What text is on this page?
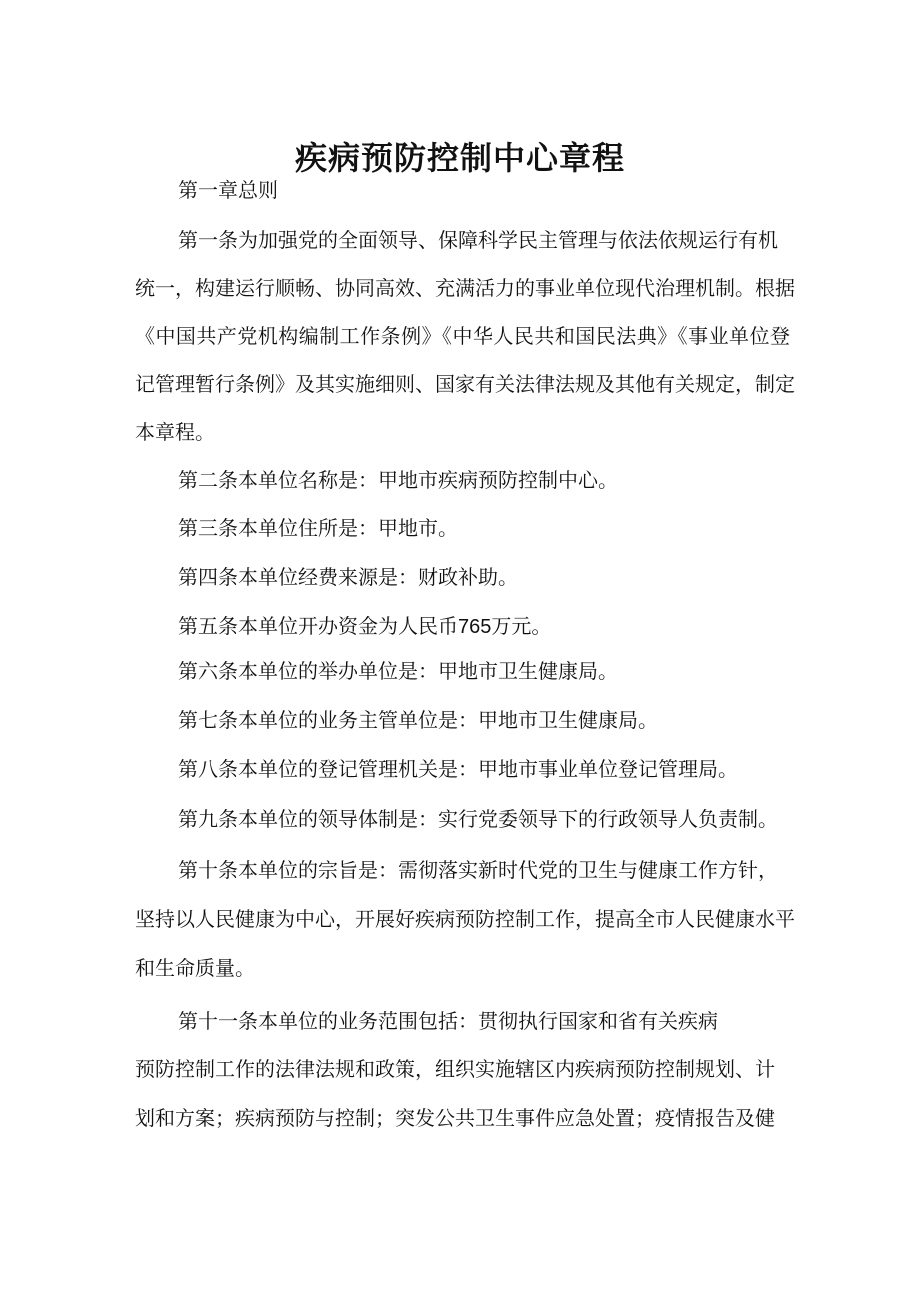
疾病预防控制中心章程

第一章总则

第一条为加强党的全面领导、保障科学民主管理与依法依规运行有机

统一，构建运行顺畅、协同高效、充满活力的事业单位现代治理机制。根据

《中国共产党机构编制工作条例》《中华人民共和国民法典》《事业单位登

记管理暂行条例》及其实施细则、国家有关法律法规及其他有关规定，制定

本章程。

第二条本单位名称是：甲地市疾病预防控制中心。

第三条本单位住所是：甲地市。

第四条本单位经费来源是：财政补助。

第五条本单位开办资金为人民币765万元。

第六条本单位的举办单位是：甲地市卫生健康局。

第七条本单位的业务主管单位是：甲地市卫生健康局。

第八条本单位的登记管理机关是：甲地市事业单位登记管理局。

第九条本单位的领导体制是：实行党委领导下的行政领导人负责制。

第十条本单位的宗旨是：需彻落实新时代党的卫生与健康工作方针，

坚持以人民健康为中心，开展好疾病预防控制工作，提高全市人民健康水平

和生命质量。

第十一条本单位的业务范围包括：贯彻执行国家和省有关疾病

预防控制工作的法律法规和政策，组织实施辖区内疾病预防控制规划、计

划和方案；疾病预防与控制；突发公共卫生事件应急处置；疫情报告及健
